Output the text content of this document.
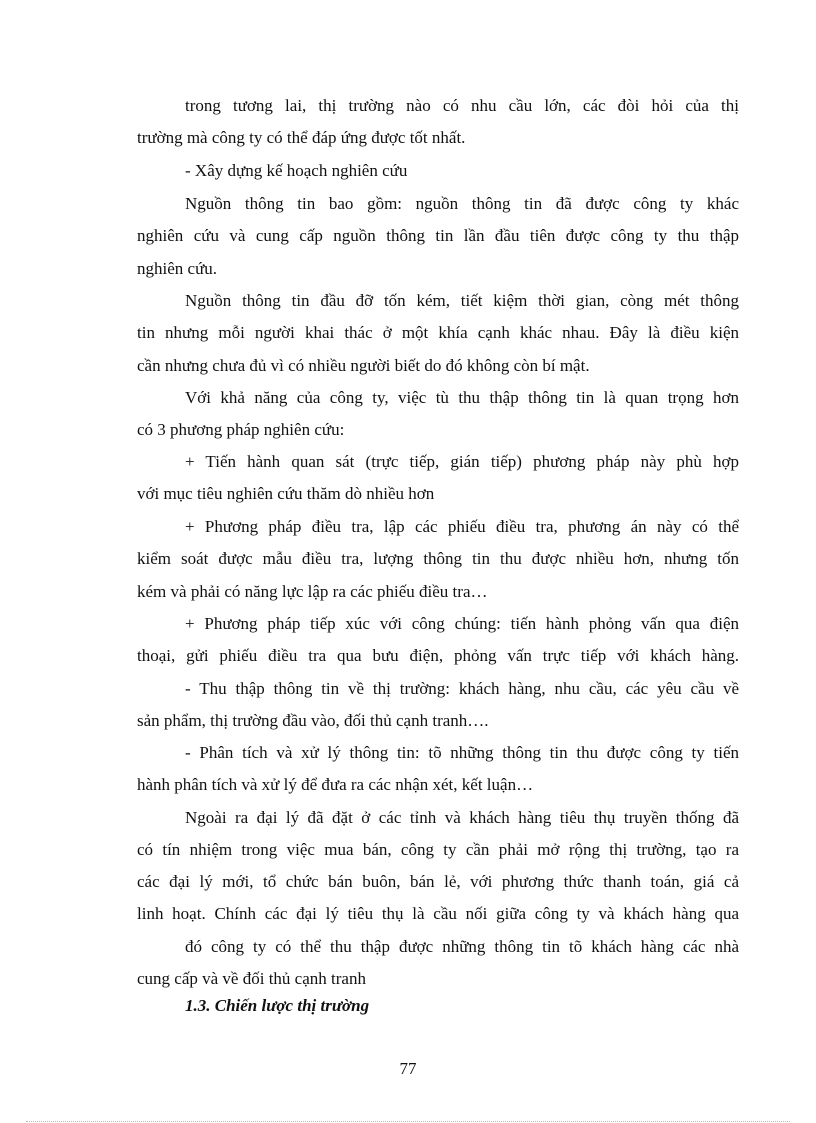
trong tương lai, thị trường nào có nhu cầu lớn, các đòi hỏi của thị
trường mà công ty có thể đáp ứng được tốt nhất.
- Xây dựng kế hoạch nghiên cứu
Nguồn thông tin bao gồm: nguồn thông tin đã được công ty khác
nghiên cứu và cung cấp nguồn thông tin lần đầu tiên được công ty thu thập
nghiên cứu.
Nguồn thông tin đầu đỡ tốn kém, tiết kiệm thời gian, còng mét thông
tin nhưng mỗi người khai thác ở một khía cạnh khác nhau. Đây là điều kiện
cần nhưng chưa đủ vì có nhiều người biết do đó không còn bí mật.
Với khả năng của công ty, việc tù thu thập thông tin là quan trọng hơn
có 3 phương pháp nghiên cứu:
+ Tiến hành quan sát (trực tiếp, gián tiếp) phương pháp này phù hợp
với mục tiêu nghiên cứu thăm dò nhiều hơn
+ Phương pháp điều tra, lập các phiếu điều tra, phương án này có thể
kiểm soát được mẫu điều tra, lượng thông tin thu được nhiều hơn, nhưng tốn
kém và phải có năng lực lập ra các phiếu điều tra…
+ Phương pháp tiếp xúc với công chúng: tiến hành phỏng vấn qua điện
thoại, gửi phiếu điều tra qua bưu điện, phỏng vấn trực tiếp với khách hàng.
- Thu thập thông tin về thị trường: khách hàng, nhu cầu, các yêu cầu về
sản phẩm, thị trường đầu vào, đối thủ cạnh tranh….
- Phân tích và xử lý thông tin: tõ những thông tin thu được công ty tiến
hành phân tích và xử lý để đưa ra các nhận xét, kết luận…
Ngoài ra đại lý đã đặt ở các tỉnh và khách hàng tiêu thụ truyền thống đã
có tín nhiệm trong việc mua bán, công ty cần phải mở rộng thị trường, tạo ra
các đại lý mới, tổ chức bán buôn, bán lẻ, với phương thức thanh toán, giá cả
linh hoạt. Chính các đại lý tiêu thụ là cầu nối giữa công ty và khách hàng qua
đó công ty có thể thu thập được những thông tin tõ khách hàng các nhà
cung cấp và về đối thủ cạnh tranh
1.3. Chiến lược thị trường
77
